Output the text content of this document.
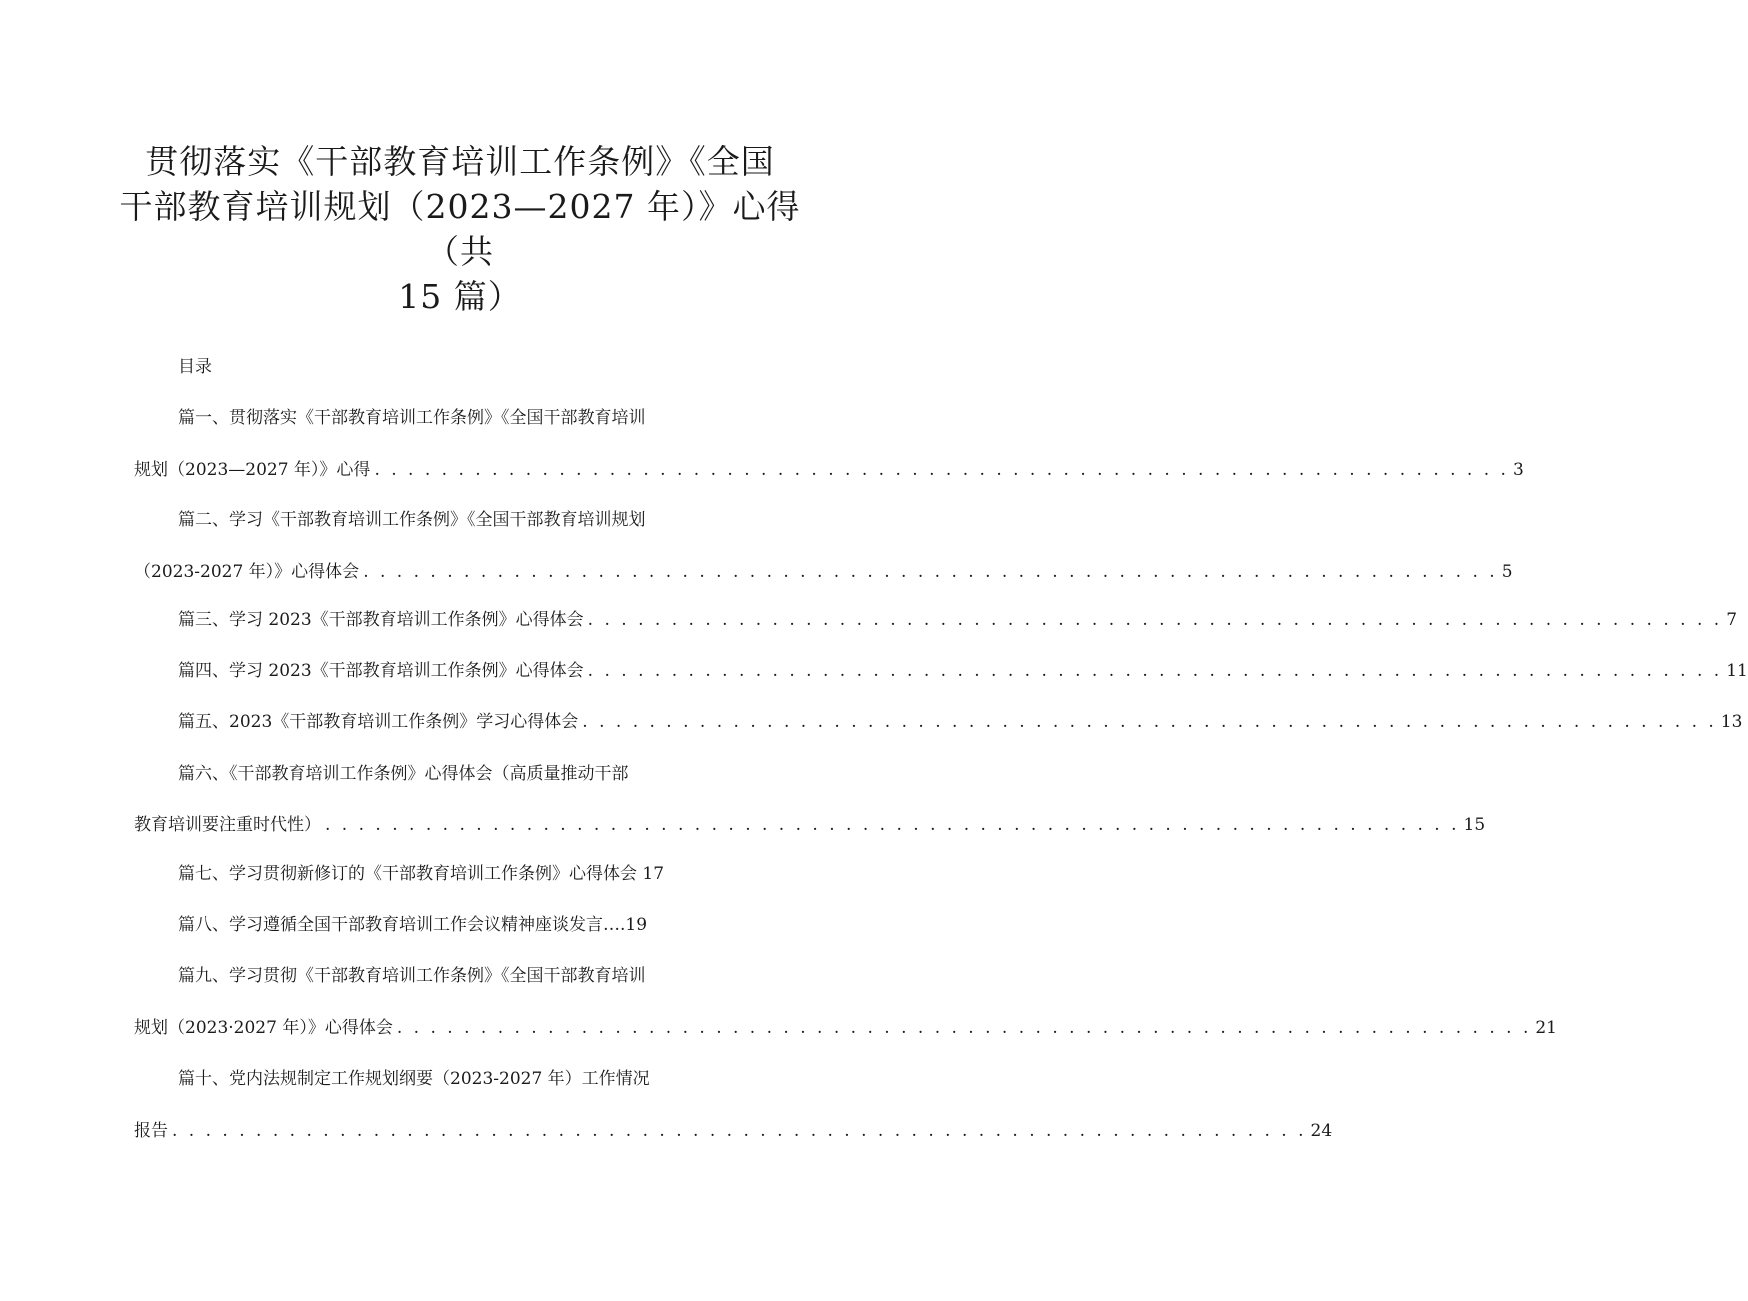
贯彻落实《干部教育培训工作条例》《全国
干部教育培训规划（2023—2027 年）》心得
（共
15 篇）
目录
篇一、贯彻落实《干部教育培训工作条例》《全国干部教育培训
规划（2023—2027 年）》心得 . . . . . . . . . . . . . . . . . . . . . . . . . . . . . . . . . . . . . . . . . . . . . . . . . . . . . . . . . . . . . . . . . . . . 3
篇二、学习《干部教育培训工作条例》《全国干部教育培训规划
（2023-2027 年）》心得体会 . . . . . . . . . . . . . . . . . . . . . . . . . . . . . . . . . . . . . . . . . . . . . . . . . . . . . . . . . . . . . . . . . . . . 5
篇三、学习 2023《干部教育培训工作条例》心得体会 . . . . . . . . . . . . . . . . . . . . . . . . . . . . . . . . . . . . . . . . . . . . . . . . . . . . . . . . . . . . . . . . . . . . 7
篇四、学习 2023《干部教育培训工作条例》心得体会 . . . . . . . . . . . . . . . . . . . . . . . . . . . . . . . . . . . . . . . . . . . . . . . . . . . . . . . . . . . . . . . . . . . . 11
篇五、2023《干部教育培训工作条例》学习心得体会 . . . . . . . . . . . . . . . . . . . . . . . . . . . . . . . . . . . . . . . . . . . . . . . . . . . . . . . . . . . . . . . . . . . . 13
篇六、《干部教育培训工作条例》心得体会（高质量推动干部
教育培训要注重时代性） . . . . . . . . . . . . . . . . . . . . . . . . . . . . . . . . . . . . . . . . . . . . . . . . . . . . . . . . . . . . . . . . . . . . 15
篇七、学习贯彻新修订的《干部教育培训工作条例》心得体会 17
篇八、学习遵循全国干部教育培训工作会议精神座谈发言….19
篇九、学习贯彻《干部教育培训工作条例》《全国干部教育培训
规划（2023·2027 年）》心得体会 . . . . . . . . . . . . . . . . . . . . . . . . . . . . . . . . . . . . . . . . . . . . . . . . . . . . . . . . . . . . . . . . . . . . 21
篇十、党内法规制定工作规划纲要（2023-2027 年）工作情况
报告 . . . . . . . . . . . . . . . . . . . . . . . . . . . . . . . . . . . . . . . . . . . . . . . . . . . . . . . . . . . . . . . . . . . . 24
